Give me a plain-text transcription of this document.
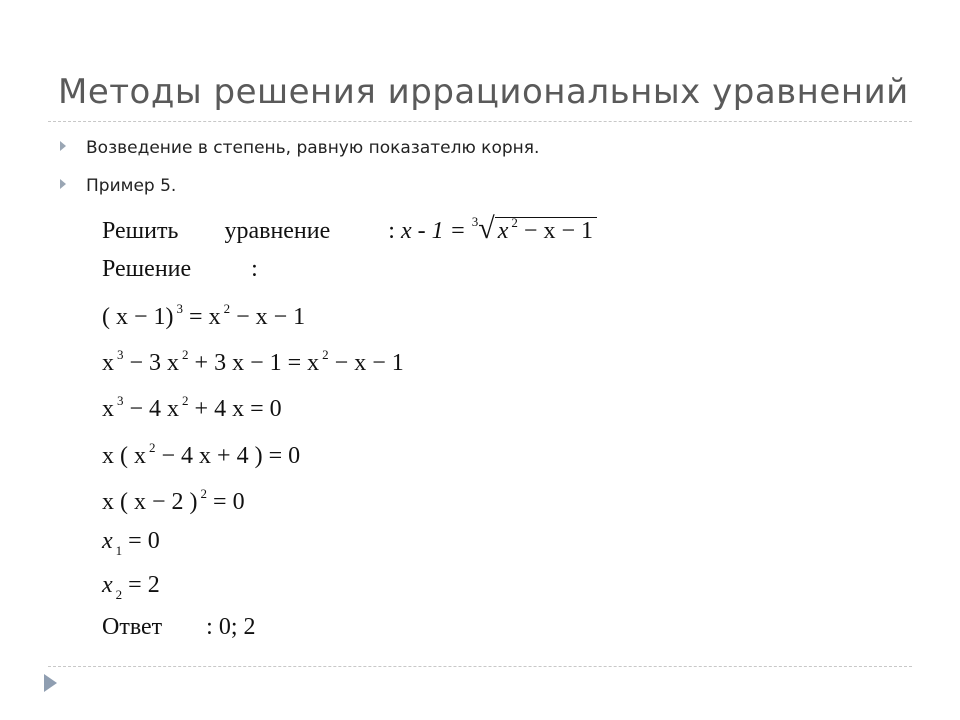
Методы решения иррациональных уравнений
Возведение в степень, равную показателю корня.
Пример 5.
Решить уравнение : x - 1 = $^3$√ x $^2$ − x − 1
Решение	:
( x − 1) $^3$ = x $^2$ − x − 1
x $^3$ − 3 x $^2$ + 3 x − 1 = x $^2$ − x − 1
x $^3$ − 4 x $^2$ + 4 x = 0
x ( x $^2$ − 4 x + 4 ) = 0
x ( x − 2 ) $^2$ = 0
x $_1$ = 0
x $_2$ = 2
Ответ : 0; 2
